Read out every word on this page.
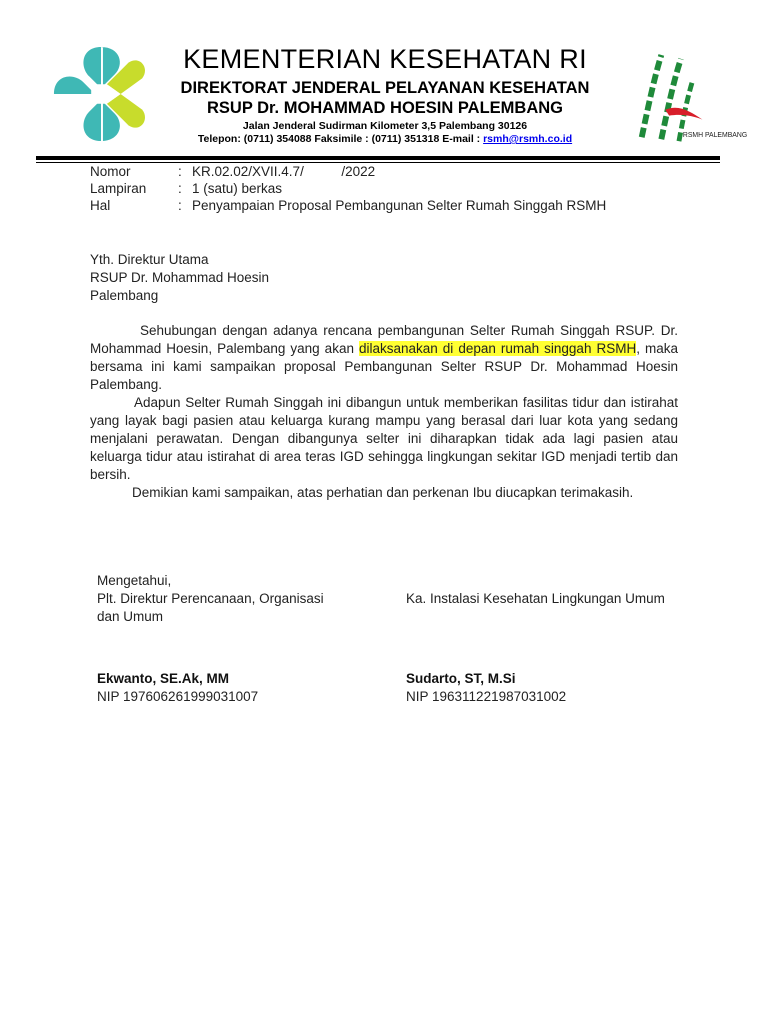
KEMENTERIAN KESEHATAN RI
DIREKTORAT JENDERAL PELAYANAN KESEHATAN
RSUP Dr. MOHAMMAD HOESIN PALEMBANG
Jalan Jenderal Sudirman Kilometer 3,5 Palembang 30126
Telepon: (0711) 354088 Faksimile : (0711) 351318 E-mail : rsmh@rsmh.co.id	RSMH PALEMBANG
Nomor	: KR.02.02/XVII.4.7/          /2022
Lampiran : 1 (satu) berkas
Hal	: Penyampaian Proposal Pembangunan Selter Rumah Singgah RSMH
Yth. Direktur Utama
RSUP Dr. Mohammad Hoesin
Palembang
Sehubungan dengan adanya rencana pembangunan Selter Rumah Singgah RSUP. Dr. Mohammad Hoesin, Palembang yang akan dilaksanakan di depan rumah singgah RSMH, maka bersama ini kami sampaikan proposal Pembangunan Selter RSUP Dr. Mohammad Hoesin Palembang.
Adapun Selter Rumah Singgah ini dibangun untuk memberikan fasilitas tidur dan istirahat yang layak bagi pasien atau keluarga kurang mampu yang berasal dari luar kota yang sedang menjalani perawatan. Dengan dibangunya selter ini diharapkan tidak ada lagi pasien atau keluarga tidur atau istirahat di area teras IGD sehingga lingkungan sekitar IGD menjadi tertib dan bersih.
Demikian kami sampaikan, atas perhatian dan perkenan Ibu diucapkan terimakasih.
Mengetahui,
Plt. Direktur Perencanaan, Organisasi
dan Umum
Ekwanto, SE.Ak, MM
NIP 197606261999031007
Ka. Instalasi Kesehatan Lingkungan Umum
Sudarto, ST, M.Si
NIP 196311221987031002
